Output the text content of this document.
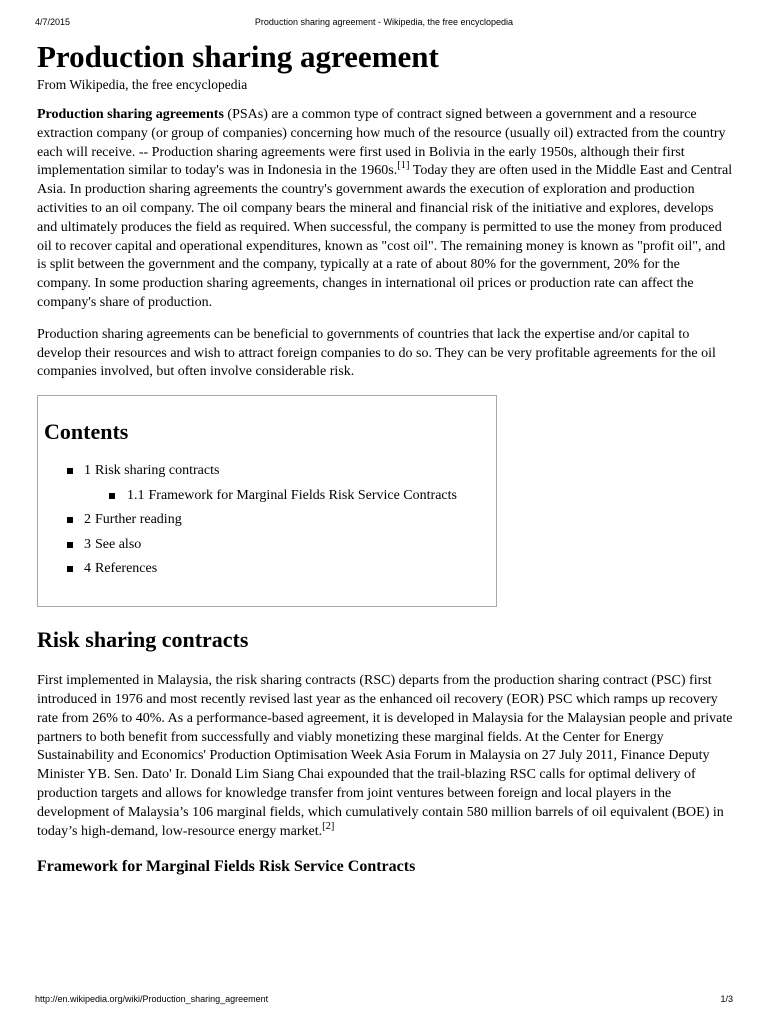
4/7/2015	Production sharing agreement - Wikipedia, the free encyclopedia
Production sharing agreement
From Wikipedia, the free encyclopedia

Production sharing agreements (PSAs) are a common type of contract signed between a government and a resource extraction company (or group of companies) concerning how much of the resource (usually oil) extracted from the country each will receive. -- Production sharing agreements were first used in Bolivia in the early 1950s, although their first implementation similar to today's was in Indonesia in the 1960s.[1] Today they are often used in the Middle East and Central Asia. In production sharing agreements the country's government awards the execution of exploration and production activities to an oil company. The oil company bears the mineral and financial risk of the initiative and explores, develops and ultimately produces the field as required. When successful, the company is permitted to use the money from produced oil to recover capital and operational expenditures, known as "cost oil". The remaining money is known as "profit oil", and is split between the government and the company, typically at a rate of about 80% for the government, 20% for the company. In some production sharing agreements, changes in international oil prices or production rate can affect the company's share of production.

Production sharing agreements can be beneficial to governments of countries that lack the expertise and/or capital to develop their resources and wish to attract foreign companies to do so. They can be very profitable agreements for the oil companies involved, but often involve considerable risk.

Contents
1 Risk sharing contracts
1.1 Framework for Marginal Fields Risk Service Contracts
2 Further reading
3 See also
4 References
Risk sharing contracts

First implemented in Malaysia, the risk sharing contracts (RSC) departs from the production sharing contract (PSC) first introduced in 1976 and most recently revised last year as the enhanced oil recovery (EOR) PSC which ramps up recovery rate from 26% to 40%. As a performance-based agreement, it is developed in Malaysia for the Malaysian people and private partners to both benefit from successfully and viably monetizing these marginal fields. At the Center for Energy Sustainability and Economics' Production Optimisation Week Asia Forum in Malaysia on 27 July 2011, Finance Deputy Minister YB. Sen. Dato' Ir. Donald Lim Siang Chai expounded that the trail-blazing RSC calls for optimal delivery of production targets and allows for knowledge transfer from joint ventures between foreign and local players in the development of Malaysia’s 106 marginal fields, which cumulatively contain 580 million barrels of oil equivalent (BOE) in today’s high-demand, low-resource energy market.[2]

Framework for Marginal Fields Risk Service Contracts
http://en.wikipedia.org/wiki/Production_sharing_agreement	1/3
